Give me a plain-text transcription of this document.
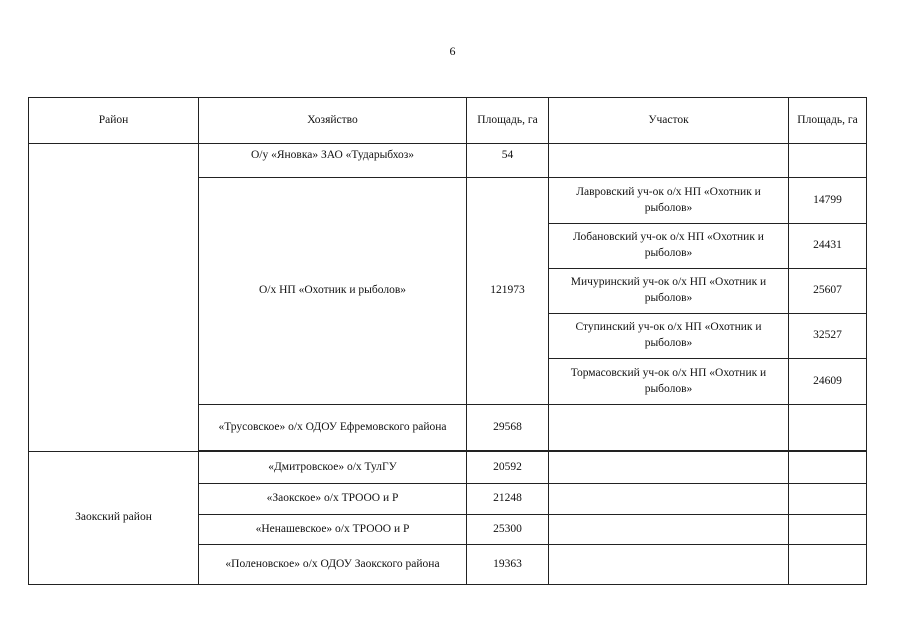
6
Район	Хозяйство	Площадь, га	Участок	Площадь, га
	О/у «Яновка» ЗАО «Тударыбхоз»	54		
	О/х НП «Охотник и рыболов»	121973	Лавровский уч-ок о/х НП «Охотник и рыболов»	14799
			Лобановский уч-ок о/х НП «Охотник и рыболов»	24431
			Мичуринский уч-ок о/х НП «Охотник и рыболов»	25607
			Ступинский уч-ок о/х НП «Охотник и рыболов»	32527
			Тормасовский уч-ок о/х НП «Охотник и рыболов»	24609
	«Трусовское» о/х ОДОУ Ефремовского района	29568		

Заокский район	«Дмитровское» о/х ТулГУ	20592		
	«Заокское» о/х ТРООО и Р	21248		
	«Ненашевское» о/х ТРООО и Р	25300		
	«Поленовское» о/х ОДОУ Заокского района	19363		
